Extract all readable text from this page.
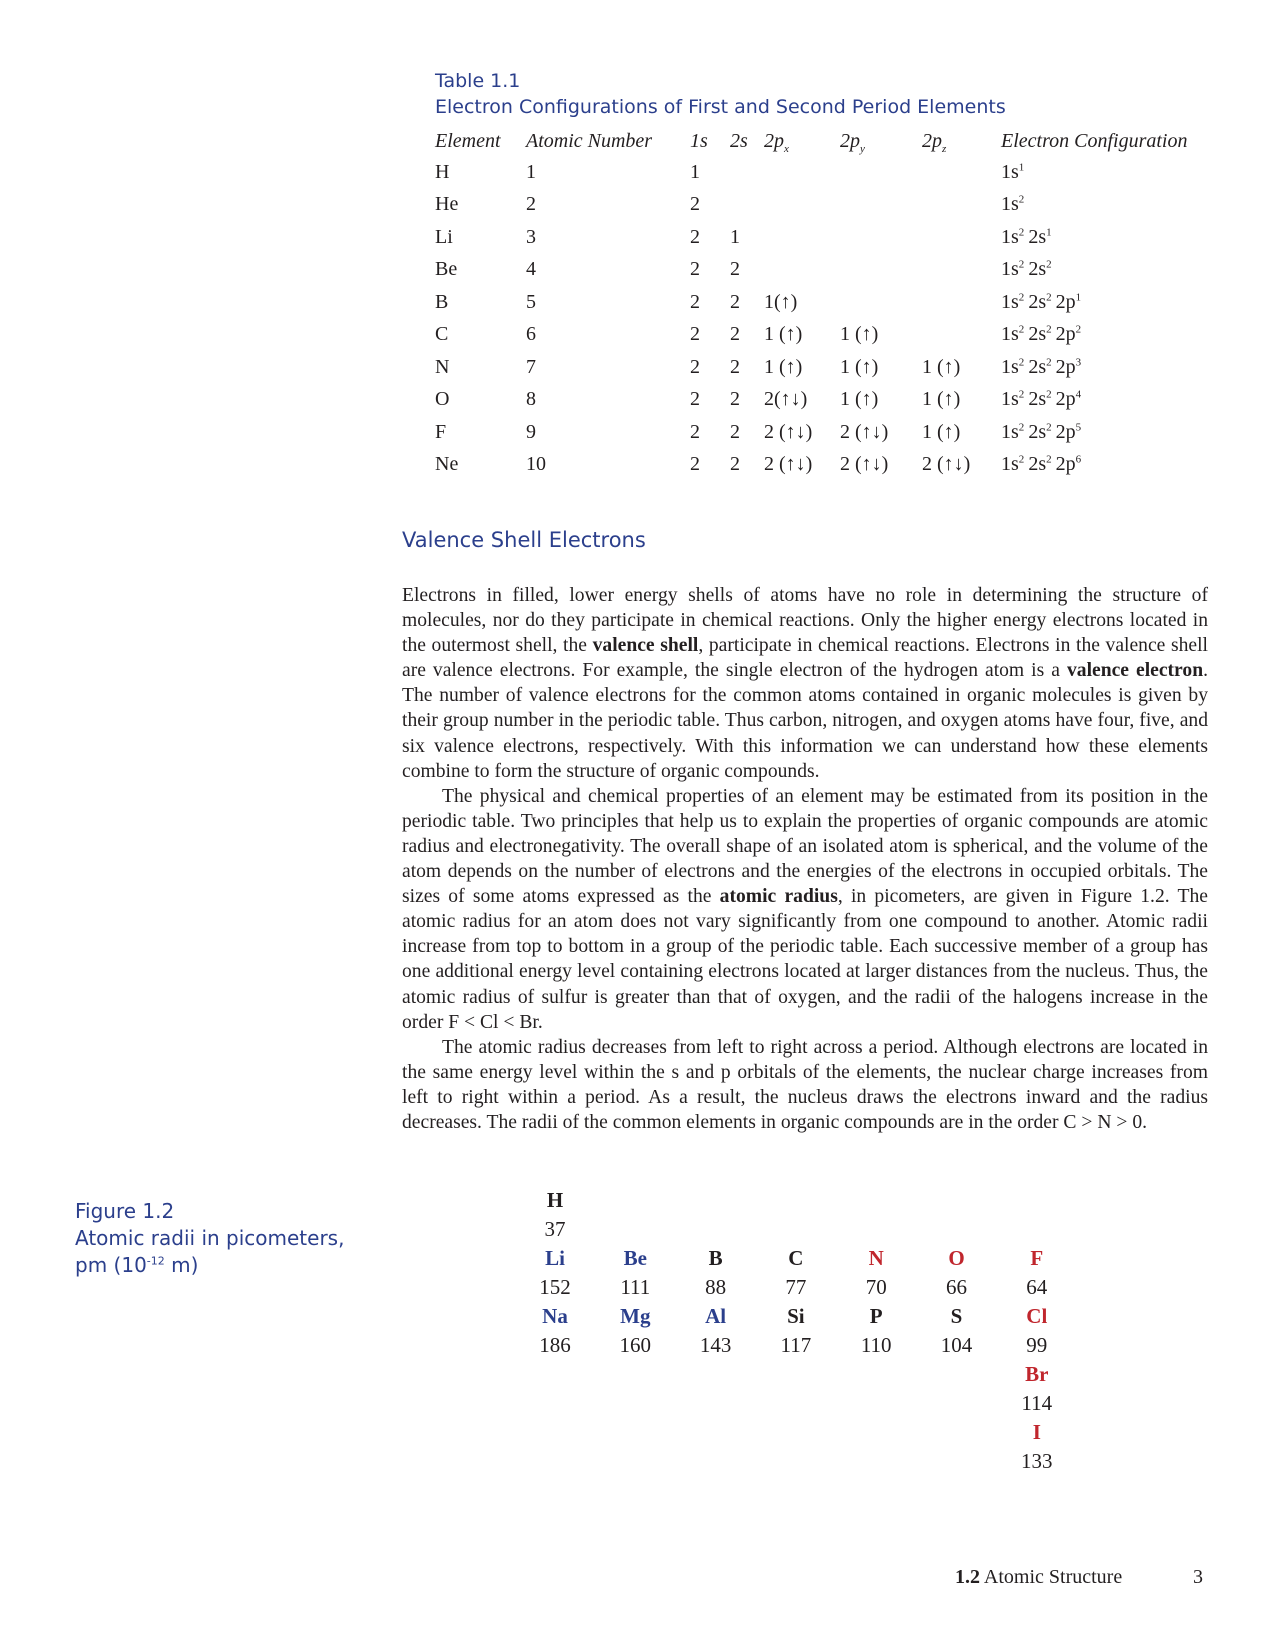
Table 1.1
Electron Configurations of First and Second Period Elements
Element	Atomic Number	1s	2s	$2p_x$	$2p_y$	$2p_z$	Electron Configuration
H	1	1					$1s^1$
He	2	2					$1s^2$
Li	3	2	1				$1s^2$  $2s^1$
Be	4	2	2				$1s^2$  $2s^2$
B	5	2	2	1(↑)			$1s^2$  $2s^2$  $2p^1$
C	6	2	2	1 (↑)	1 (↑)		$1s^2$  $2s^2$  $2p^2$
N	7	2	2	1 (↑)	1 (↑)	1 (↑)	$1s^2$  $2s^2$  $2p^3$
O	8	2	2	2(↑↓)	1 (↑)	1 (↑)	$1s^2$  $2s^2$  $2p^4$
F	9	2	2	2 (↑↓)	2 (↑↓)	1 (↑)	$1s^2$  $2s^2$  $2p^5$
Ne	10	2	2	2 (↑↓)	2 (↑↓)	2 (↑↓)	$1s^2$  $2s^2$  $2p^6$
Valence Shell Electrons

Electrons in filled, lower energy shells of atoms have no role in determining the structure of molecules, nor do they participate in chemical reactions. Only the higher energy electrons located in the outermost shell, the valence shell, participate in chemical reactions. Electrons in the valence shell are valence electrons. For example, the single electron of the hydrogen atom is a valence electron. The number of valence electrons for the common atoms contained in organic molecules is given by their group number in the periodic table. Thus carbon, nitrogen, and oxygen atoms have four, five, and six valence electrons, respectively. With this information we can understand how these elements combine to form the structure of organic compounds.

The physical and chemical properties of an element may be estimated from its position in the periodic table. Two principles that help us to explain the properties of organic compounds are atomic radius and electronegativity. The overall shape of an isolated atom is spherical, and the volume of the atom depends on the number of electrons and the energies of the electrons in occupied orbitals. The sizes of some atoms expressed as the atomic radius, in picometers, are given in Figure 1.2. The atomic radius for an atom does not vary significantly from one compound to another. Atomic radii increase from top to bottom in a group of the periodic table. Each successive member of a group has one additional energy level containing electrons located at larger distances from the nucleus. Thus, the atomic radius of sulfur is greater than that of oxygen, and the radii of the halogens increase in the order F < Cl < Br.

The atomic radius decreases from left to right across a period. Although electrons are located in the same energy level within the s and p orbitals of the elements, the nuclear charge increases from left to right within a period. As a result, the nucleus draws the electrons inward and the radius decreases. The radii of the common elements in organic compounds are in the order C > N > 0.

Figure 1.2
Atomic radii in picometers,
pm ($10^{-12}$ m)
H
37
Li
152
Be
111
B
88
C
77
N
70
O
66
F
64
Na
186
Mg
160
Al
143
Si
117
P
110
S
104
Cl
99
Br
114
I
133
1.2 Atomic Structure	3
